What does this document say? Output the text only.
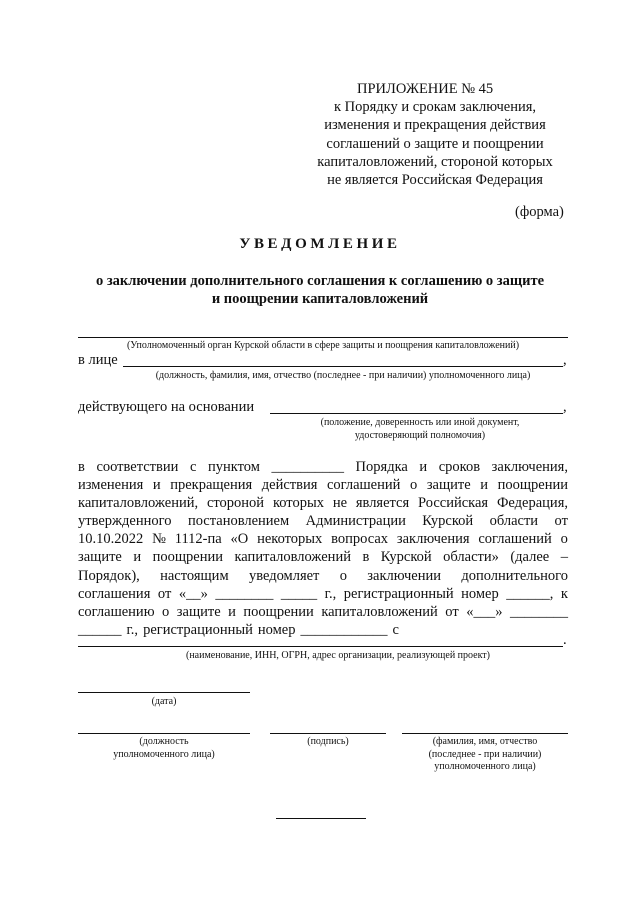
ПРИЛОЖЕНИЕ № 45
к Порядку и срокам заключения,
изменения и прекращения действия
соглашений о защите и поощрении
капиталовложений, стороной которых
не является Российская Федерация
(форма)
УВЕДОМЛЕНИЕ
о заключении дополнительного соглашения к соглашению о защите
и поощрении капиталовложений
(Уполномоченный орган Курской области в сфере защиты и поощрения капиталовложений)
в лице	,
(должность, фамилия, имя, отчество (последнее - при наличии) уполномоченного лица)
действующего на основании	,
(положение, доверенность или иной документ,
удостоверяющий полномочия)
в соответствии с пунктом __________ Порядка и сроков заключения,
изменения и прекращения действия соглашений о защите и поощрении
капиталовложений, стороной которых не является Российская Федерация,
утвержденного постановлением Администрации Курской области от
10.10.2022 № 1112-па «О некоторых вопросах заключения соглашений о
защите и поощрении капиталовложений в Курской области» (далее –
Порядок), настоящим уведомляет о заключении дополнительного
соглашения от «__» ________ _____ г., регистрационный номер ______, к
соглашению о защите и поощрении капиталовложений от «___» ________
______ г., регистрационный номер ____________ с
.
(наименование, ИНН, ОГРН, адрес организации, реализующей проект)
(дата)
(должность
уполномоченного лица)
(подпись)	(фамилия, имя, отчество
(последнее - при наличии)
уполномоченного лица)
